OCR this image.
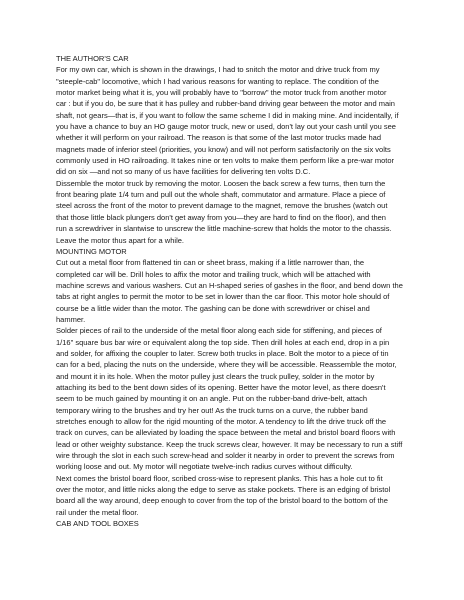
THE AUTHOR'S CAR
For my own car, which is shown in the drawings, I had to snitch the motor and drive truck from my
"steeple-cab" locomotive, which I had various reasons for wanting to replace. The condition of the
motor market being what it is, you will probably have to "borrow" the motor truck from another motor
car : but if you do, be sure that it has pulley and rubber-band driving gear between the motor and main
shaft, not gears—that is, if you want to follow the same scheme I did in making mine. And incidentally, if
you have a chance to buy an HO gauge motor truck, new or used, don't lay out your cash until you see
whether it will perform on your railroad. The reason is that some of the last motor trucks made had
magnets made of inferior steel (priorities, you know) and will not perform satisfactorily on the six volts
commonly used in HO railroading. It takes nine or ten volts to make them perform like a pre-war motor
did on six —and not so many of us have facilities for delivering ten volts D.C.
Dissemble the motor truck by removing the motor. Loosen the back screw a few turns, then turn the
front bearing plate 1/4 turn and pull out the whole shaft, commutator and armature. Place a piece of
steel across the front of the motor to prevent damage to the magnet, remove the brushes (watch out
that those little black plungers don't get away from you—they are hard to find on the floor), and then
run a screwdriver in slantwise to unscrew the little machine-screw that holds the motor to the chassis.
Leave the motor thus apart for a while.
MOUNTING MOTOR
Cut out a metal floor from flattened tin can or sheet brass, making if a little narrower than, the
completed car will be. Drill holes to affix the motor and trailing truck, which will be attached with
machine screws and various washers. Cut an H-shaped series of gashes in the floor, and bend down the
tabs at right angles to permit the motor to be set in lower than the car floor. This motor hole should of
course be a little wider than the motor. The gashing can be done with screwdriver or chisel and
hammer.
Solder pieces of rail to the underside of the metal floor along each side for stiffening, and pieces of
1/16" square bus bar wire or equivalent along the top side. Then drill holes at each end, drop in a pin
and solder, for affixing the coupler to later. Screw both trucks in place. Bolt the motor to a piece of tin
can for a bed, placing the nuts on the underside, where they will be accessible. Reassemble the motor,
and mount it in its hole. When the motor pulley just clears the truck pulley, solder in the motor by
attaching its bed to the bent down sides of its opening. Better have the motor level, as there doesn't
seem to be much gained by mounting it on an angle. Put on the rubber-band drive-belt, attach
temporary wiring to the brushes and try her out! As the truck turns on a curve, the rubber band
stretches enough to allow for the rigid mounting of the motor. A tendency to lift the drive truck off the
track on curves, can be alleviated by loading the space between the metal and bristol board floors with
lead or other weighty substance. Keep the truck screws clear, however. It may be necessary to run a stiff
wire through the slot in each such screw-head and solder it nearby in order to prevent the screws from
working loose and out. My motor will negotiate twelve-inch radius curves without difficulty.
Next comes the bristol board floor, scribed cross-wise to represent planks. This has a hole cut to fit
over the motor, and little nicks along the edge to serve as stake pockets. There is an edging of bristol
board all the way around, deep enough to cover from the top of the bristol board to the bottom of the
rail under the metal floor.
CAB AND TOOL BOXES
